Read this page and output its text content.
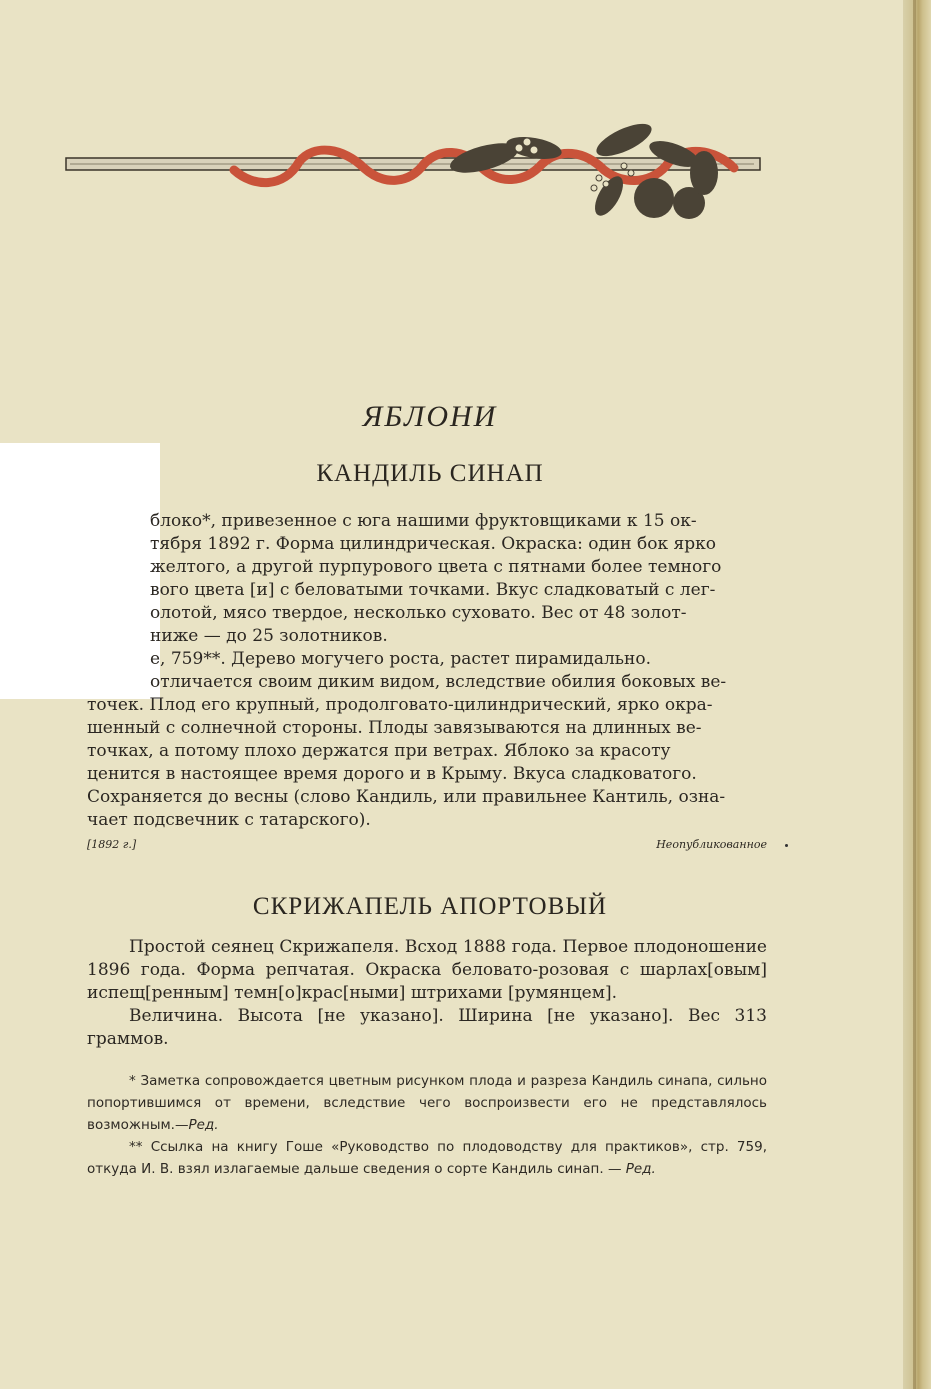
ЯБЛОНИ
КАНДИЛЬ СИНАП
блоко*, привезенное с юга нашими фруктовщиками к 15 ок-
тября 1892 г. Форма цилиндрическая. Окраска: один бок ярко
желтого, а другой пурпурового цвета с пятнами более темного
вого цвета [и] с беловатыми точками. Вкус сладковатый с лег-
олотой, мясо твердое, несколько суховато. Вес от 48 золот-
ниже — до 25 золотников.
е, 759**. Дерево могучего роста, растет пирамидально.
отличается своим диким видом, вследствие обилия боковых ве-
точек. Плод его крупный, продолговато-цилиндрический, ярко окра-
шенный с солнечной стороны. Плоды завязываются на длинных ве-
точках, а потому плохо держатся при ветрах. Яблоко за красоту
ценится в настоящее время дорого и в Крыму. Вкуса сладковатого.
Сохраняется до весны (слово Кандиль, или правильнее Кантиль, озна-
чает подсвечник с татарского).
[1892 г.]	Неопубликованное
СКРИЖАПЕЛЬ АПОРТОВЫЙ
Простой сеянец Скрижапеля. Всход 1888 года. Первое плодоношение 1896 года. Форма репчатая. Окраска беловато-розовая с шарлах[овым] испещ[ренным] темн[о]крас[ными] штрихами [румянцем].
Величина. Высота [не указано]. Ширина [не указано]. Вес 313 граммов.
* Заметка сопровождается цветным рисунком плода и разреза Кандиль синапа, сильно попортившимся от времени, вследствие чего воспроизвести его не представлялось возможным.—Ред.
** Ссылка на книгу Гоше «Руководство по плодоводству для практиков», стр. 759, откуда И. В. взял излагаемые дальше сведения о сорте Кандиль синап. — Ред.
